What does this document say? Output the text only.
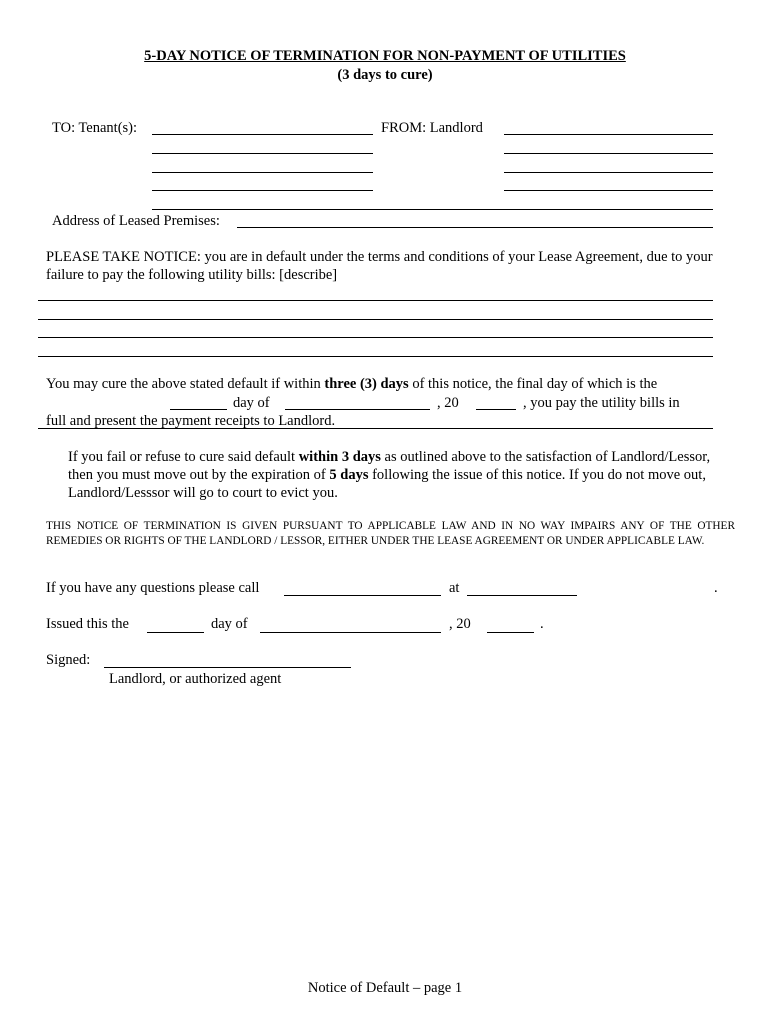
5-DAY NOTICE OF TERMINATION FOR NON-PAYMENT OF UTILITIES
(3 days to cure)
TO: Tenant(s):	FROM: Landlord
Address of Leased Premises:
PLEASE TAKE NOTICE: you are in default under the terms and conditions of your Lease Agreement, due to your failure to pay the following utility bills: [describe]
You may cure the above stated default if within three (3) days of this notice, the final day of which is the
day of	, 20	, you pay the utility bills in
full and present the payment receipts to Landlord.
If you fail or refuse to cure said default within 3 days as outlined above to the satisfaction of Landlord/Lessor, then you must move out by the expiration of 5 days following the issue of this notice. If you do not move out, Landlord/Lesssor will go to court to evict you.
THIS NOTICE OF TERMINATION IS GIVEN PURSUANT TO APPLICABLE LAW AND IN NO WAY IMPAIRS ANY OF THE OTHER REMEDIES OR RIGHTS OF THE LANDLORD / LESSOR, EITHER UNDER THE LEASE AGREEMENT OR UNDER APPLICABLE LAW.
If you have any questions please call	at	.
Issued this the	day of	, 20	.
Signed:
Landlord, or authorized agent
Notice of Default – page 1
